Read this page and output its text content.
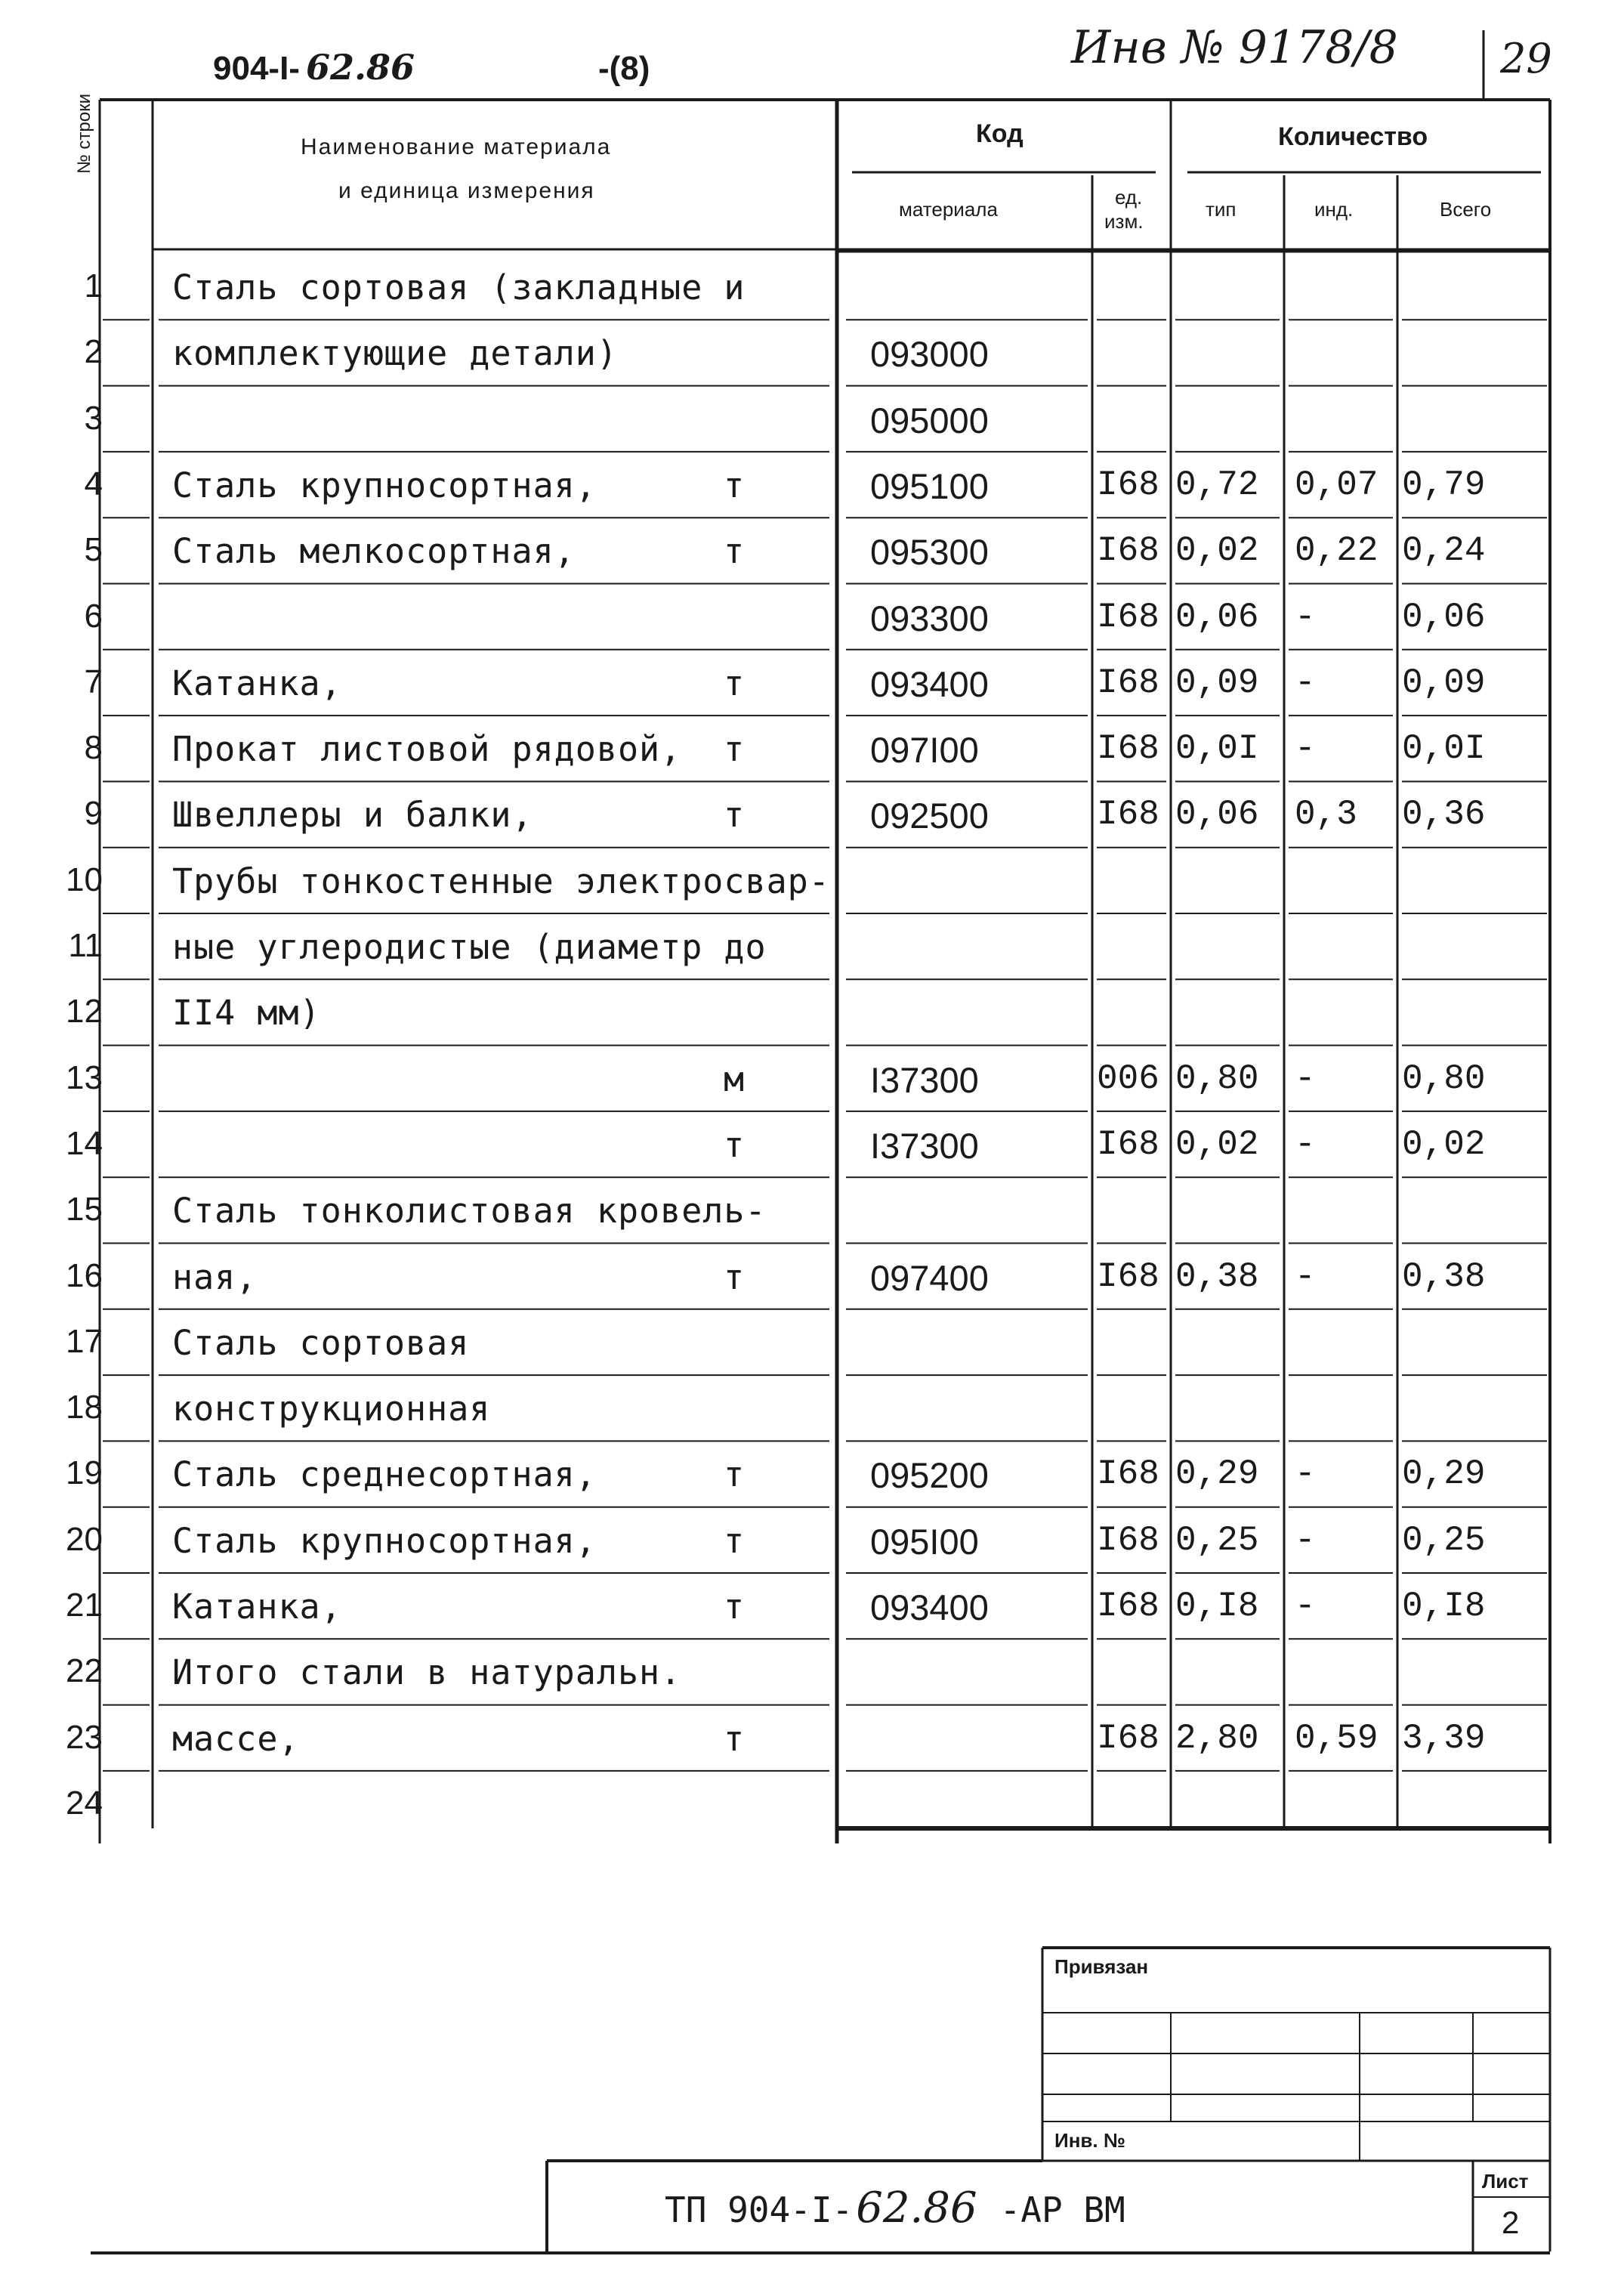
904-I- 62.86	-(8)	Инв № 9178/8	29
№ строки	Наименование материала
и единица измерения
Код	Количество
материала
ед.
изм.
тип	инд.	Всего
1 Сталь сортовая (закладные и
2 комплектующие детали)	093000
3	095000
4 Сталь крупносортная,	т	095100	I68 0,72 0,07 0,79
5 Сталь мелкосортная,	т	095300	I68 0,02 0,22 0,24
6	093300	I68 0,06 - 0,06
7 Катанка,	т	093400	I68 0,09 - 0,09
8 Прокат листовой рядовой, т	097I00	I68 0,0I - 0,0I
9 Швеллеры и балки,	т	092500	I68 0,06 0,3 0,36
10 Трубы тонкостенные электросвар-
11 ные углеродистые (диаметр до
12 II4 мм)
13	м	I37300	006 0,80 - 0,80
14	т	I37300	I68 0,02 - 0,02
15 Сталь тонколистовая кровель-
16 ная,	т	097400	I68 0,38 - 0,38
17 Сталь сортовая
18 конструкционная
19 Сталь среднесортная,	т	095200	I68 0,29 - 0,29
20 Сталь крупносортная,	т	095I00	I68 0,25 - 0,25
21 Катанка,	т	093400	I68 0,I8 - 0,I8
22 Итого стали в натуральн.
23 массе,	т	I68 2,80 0,59 3,39
24
Привязан
Инв. №
ТП 904-I-62.86 -АР ВМ
Лист
2
